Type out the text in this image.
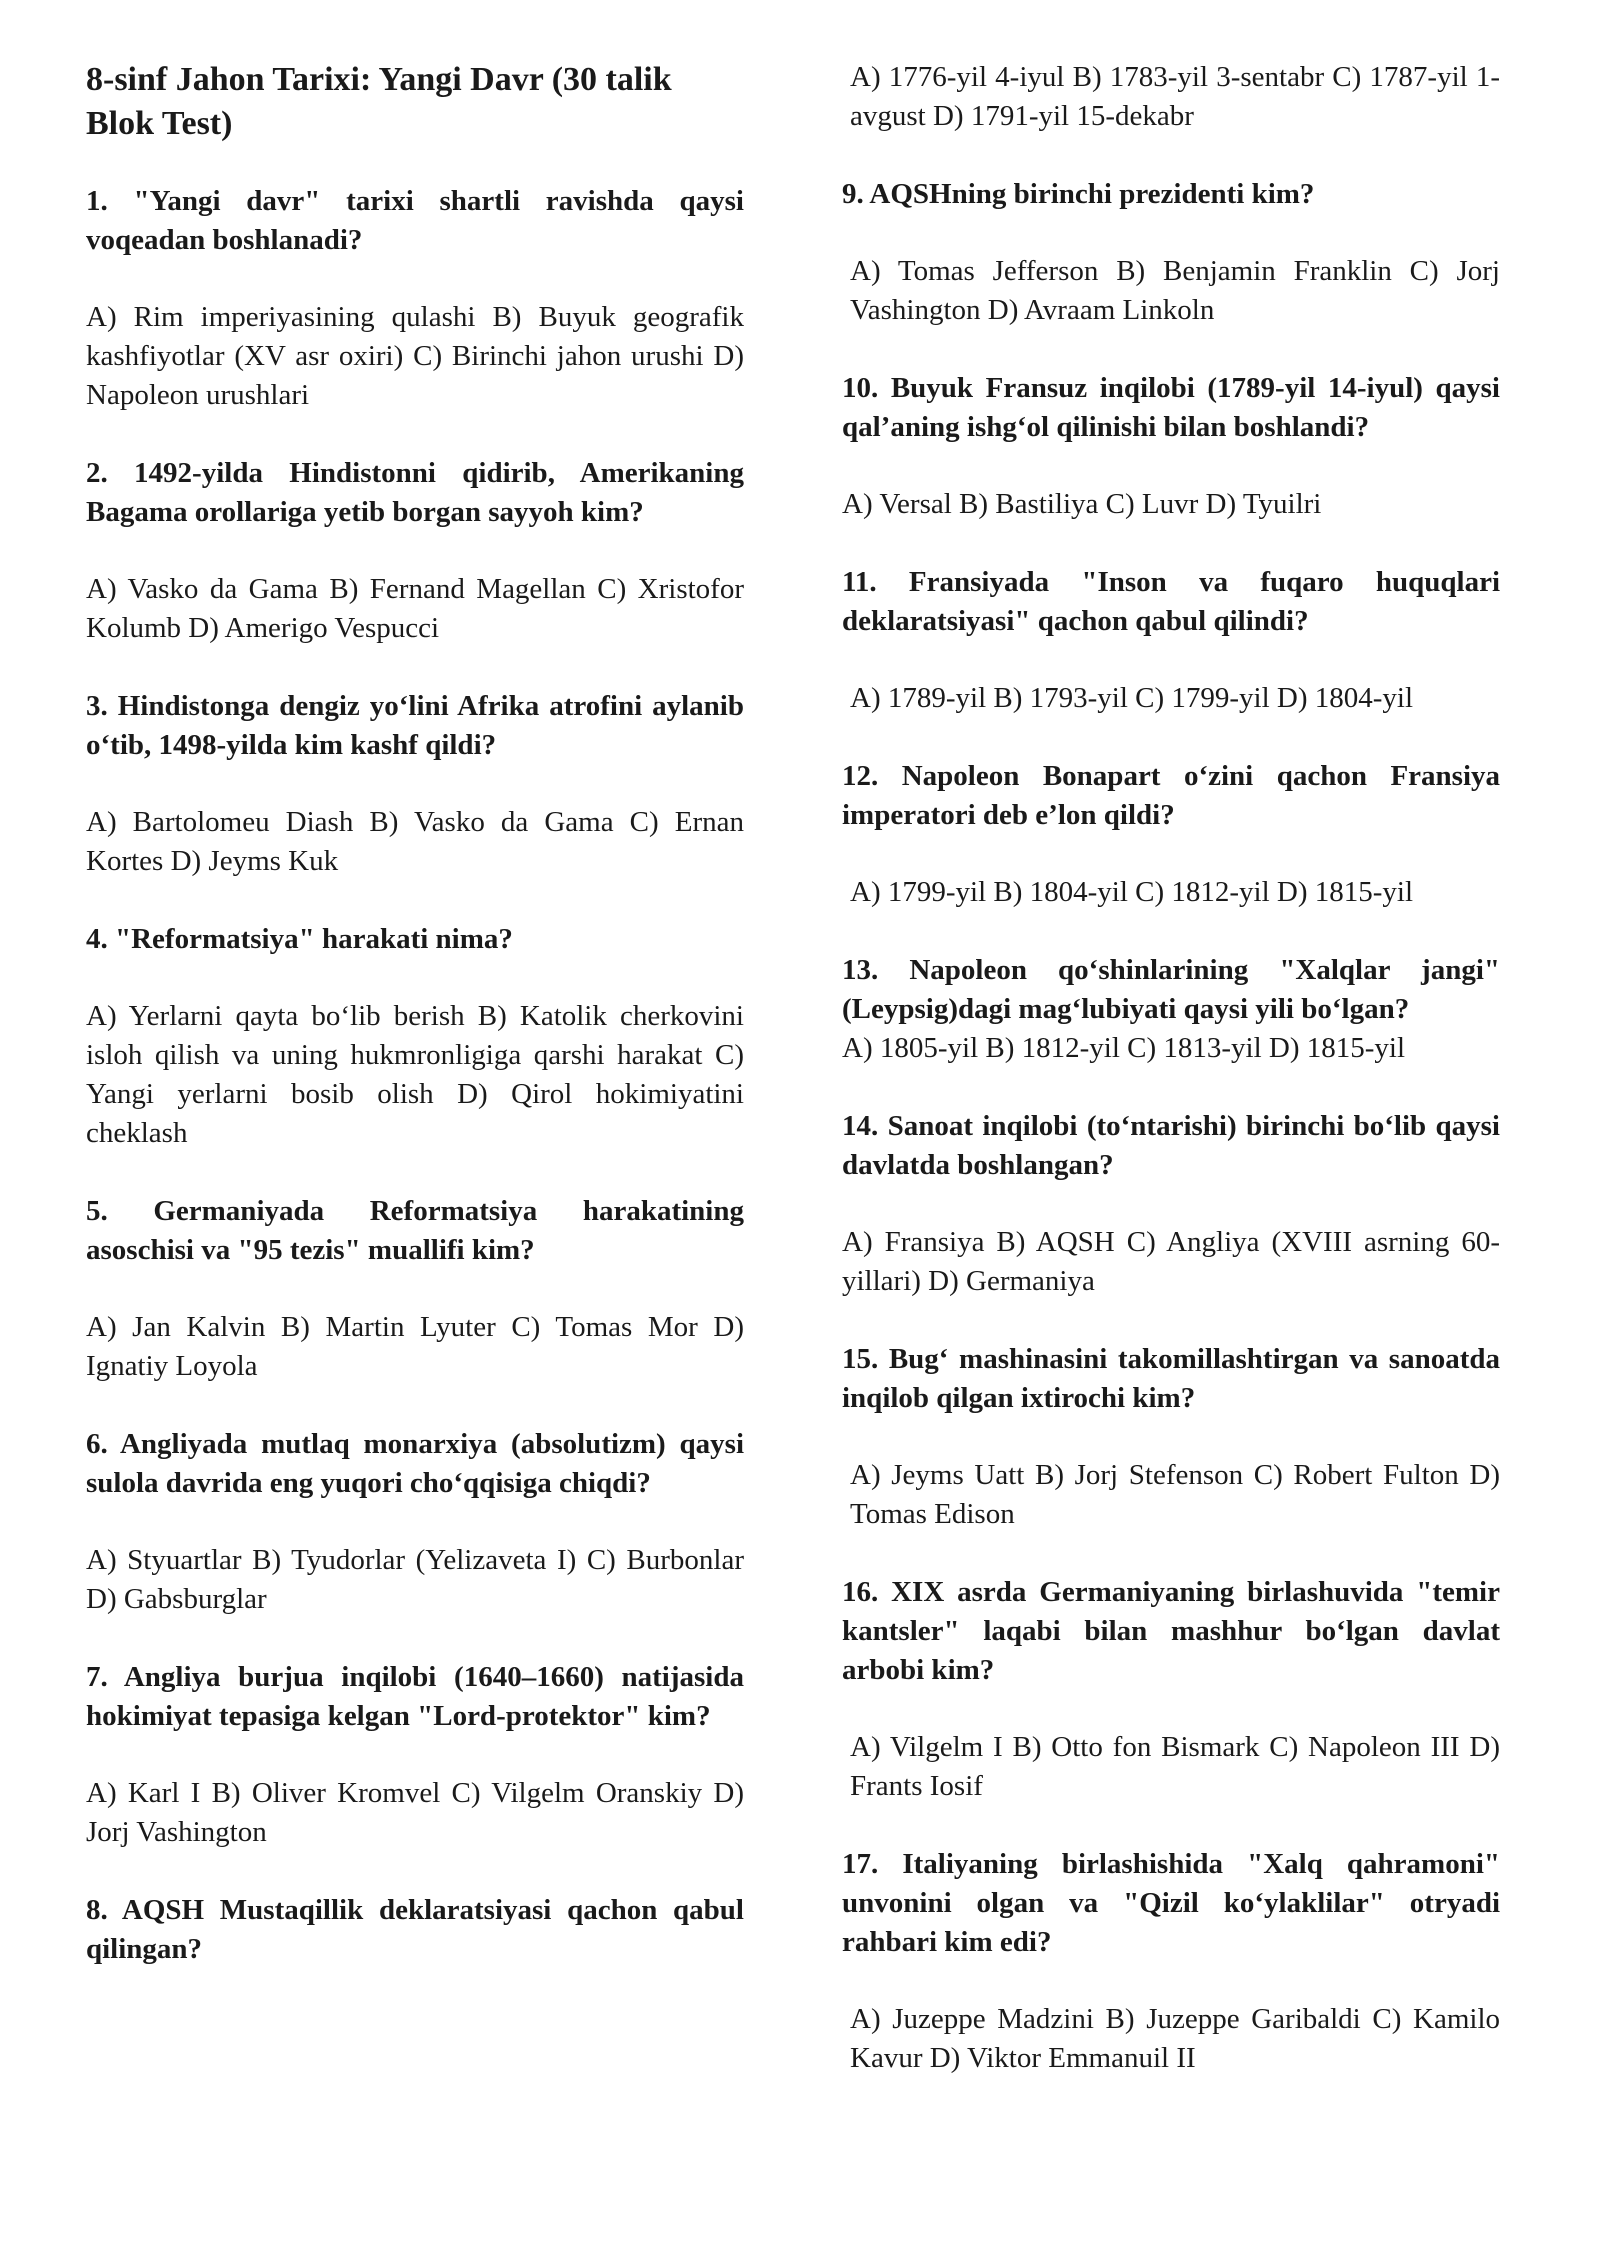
8-sinf Jahon Tarixi: Yangi Davr (30 talik Blok Test)
1. "Yangi davr" tarixi shartli ravishda qaysi voqeadan boshlanadi?
A) Rim imperiyasining qulashi B) Buyuk geografik kashfiyotlar (XV asr oxiri) C) Birinchi jahon urushi D) Napoleon urushlari
2. 1492-yilda Hindistonni qidirib, Amerikaning Bagama orollariga yetib borgan sayyoh kim?
A) Vasko da Gama B) Fernand Magellan C) Xristofor Kolumb D) Amerigo Vespucci
3. Hindistonga dengiz yo‘lini Afrika atrofini aylanib o‘tib, 1498-yilda kim kashf qildi?
A) Bartolomeu Diash B) Vasko da Gama C) Ernan Kortes D) Jeyms Kuk
4. "Reformatsiya" harakati nima?
A) Yerlarni qayta bo‘lib berish B) Katolik cherkovini isloh qilish va uning hukmronligiga qarshi harakat C) Yangi yerlarni bosib olish D) Qirol hokimiyatini cheklash
5. Germaniyada Reformatsiya harakatining asoschisi va "95 tezis" muallifi kim?
A) Jan Kalvin B) Martin Lyuter C) Tomas Mor D) Ignatiy Loyola
6. Angliyada mutlaq monarxiya (absolutizm) qaysi sulola davrida eng yuqori cho‘qqisiga chiqdi?
A) Styuartlar B) Tyudorlar (Yelizaveta I) C) Burbonlar D) Gabsburglar
7. Angliya burjua inqilobi (1640–1660) natijasida hokimiyat tepasiga kelgan "Lord-protektor" kim?
A) Karl I B) Oliver Kromvel C) Vilgelm Oranskiy D) Jorj Vashington
8. AQSH Mustaqillik deklaratsiyasi qachon qabul qilingan?
A) 1776-yil 4-iyul B) 1783-yil 3-sentabr C) 1787-yil 1-avgust D) 1791-yil 15-dekabr
9. AQSHning birinchi prezidenti kim?
A) Tomas Jefferson B) Benjamin Franklin C) Jorj Vashington D) Avraam Linkoln
10. Buyuk Fransuz inqilobi (1789-yil 14-iyul) qaysi qal’aning ishg‘ol qilinishi bilan boshlandi?
A) Versal B) Bastiliya C) Luvr D) Tyuilri
11. Fransiyada "Inson va fuqaro huquqlari deklaratsiyasi" qachon qabul qilindi?
A) 1789-yil B) 1793-yil C) 1799-yil D) 1804-yil
12. Napoleon Bonapart o‘zini qachon Fransiya imperatori deb e’lon qildi?
A) 1799-yil B) 1804-yil C) 1812-yil D) 1815-yil
13. Napoleon qo‘shinlarining "Xalqlar jangi" (Leypsig)dagi mag‘lubiyati qaysi yili bo‘lgan?
A) 1805-yil B) 1812-yil C) 1813-yil D) 1815-yil
14. Sanoat inqilobi (to‘ntarishi) birinchi bo‘lib qaysi davlatda boshlangan?
A) Fransiya B) AQSH C) Angliya (XVIII asrning 60-yillari) D) Germaniya
15. Bug‘ mashinasini takomillashtirgan va sanoatda inqilob qilgan ixtirochi kim?
A) Jeyms Uatt B) Jorj Stefenson C) Robert Fulton D) Tomas Edison
16. XIX asrda Germaniyaning birlashuvida "temir kantsler" laqabi bilan mashhur bo‘lgan davlat arbobi kim?
A) Vilgelm I B) Otto fon Bismark C) Napoleon III D) Frants Iosif
17. Italiyaning birlashishida "Xalq qahramoni" unvonini olgan va "Qizil ko‘ylaklilar" otryadi rahbari kim edi?
A) Juzeppe Madzini B) Juzeppe Garibaldi C) Kamilo Kavur D) Viktor Emmanuil II
